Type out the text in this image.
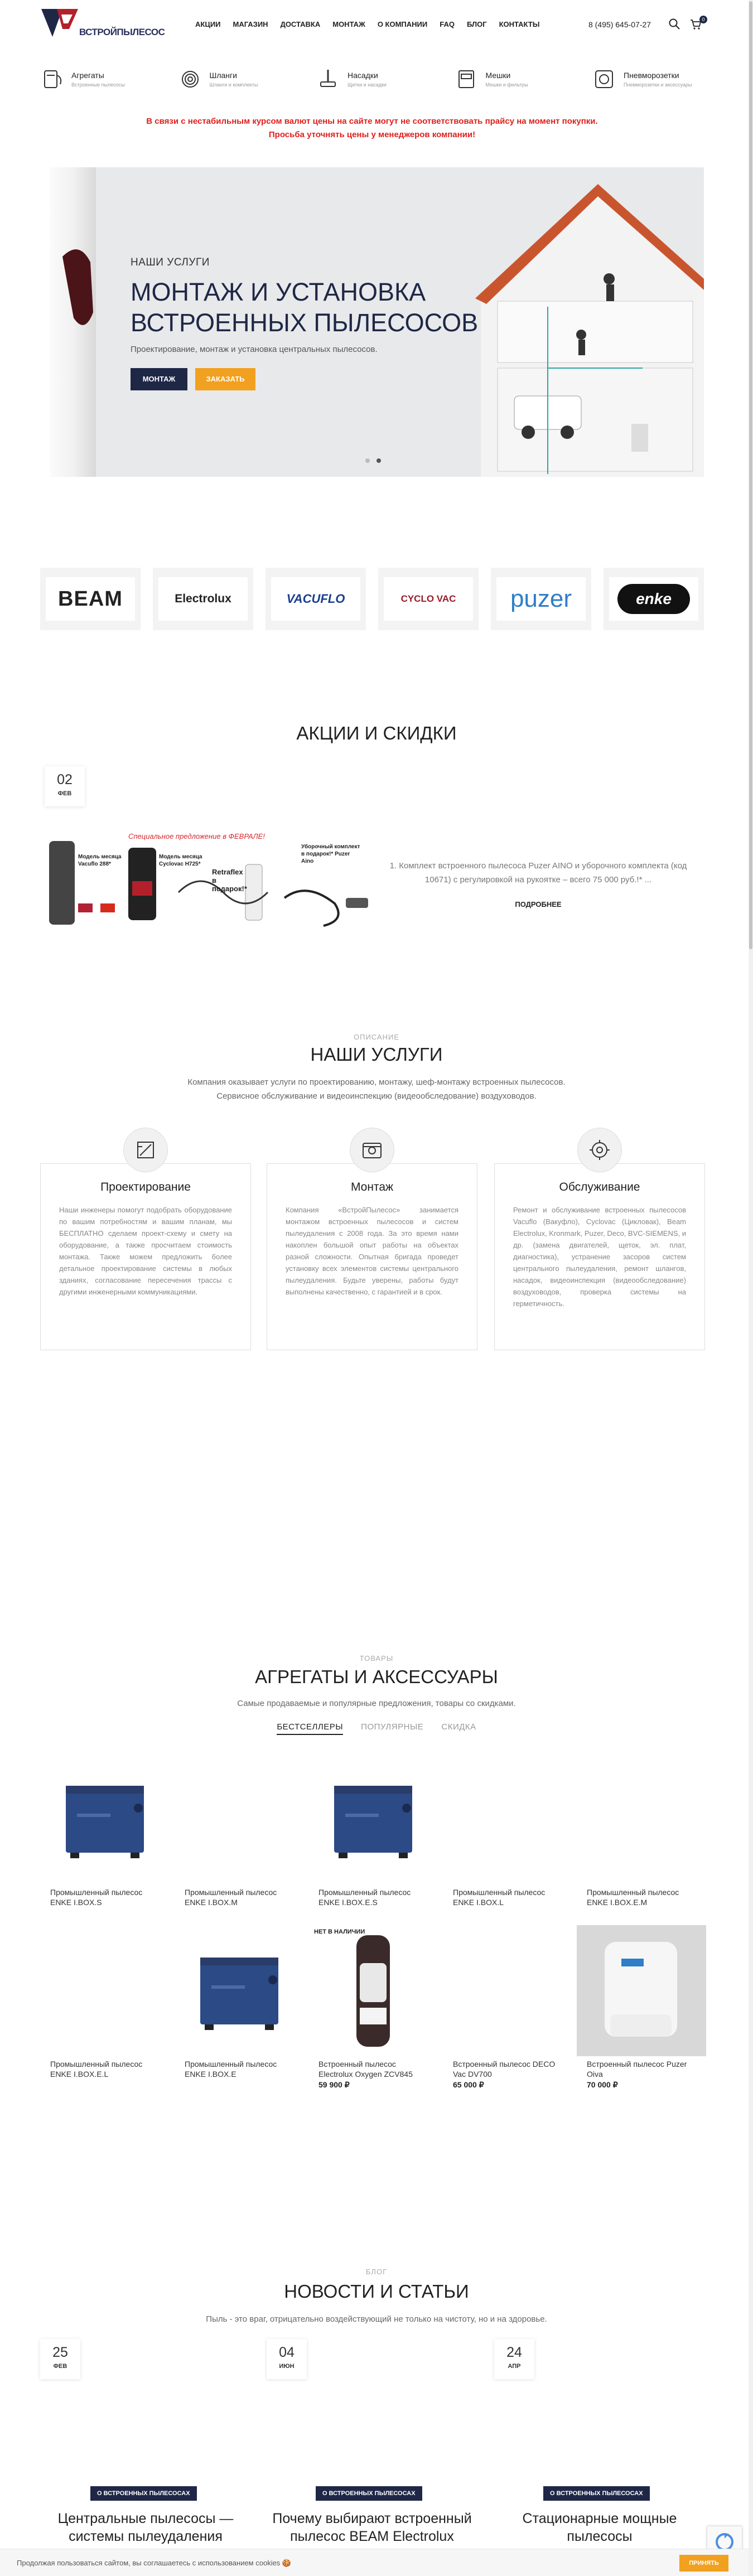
ВСТРОЙПЫЛЕСОС
АКЦИИ МАГАЗИН ДОСТАВКА МОНТАЖ О КОМПАНИИ FAQ БЛОГ КОНТАКТЫ	8 (495) 645-07-27
0
Агрегаты
Встроенные пылесосы
Шланги
Шланги и комплекты
Насадки
Щетки и насадки
Мешки
Мешки и фильтры
Пневморозетки
Пневморозетки и аксессуары
В связи с нестабильным курсом валют цены на сайте могут не соответствовать прайсу на момент покупки.
Просьба уточнять цены у менеджеров компании!
НАШИ УСЛУГИ
МОНТАЖ И УСТАНОВКА
ВСТРОЕННЫХ ПЫЛЕСОСОВ
Проектирование, монтаж и установка центральных пылесосов.
МОНТАЖ	ЗАКАЗАТЬ
BEAM	Electrolux	VACUFLO	CYCLO VAC puzer	enke
АКЦИИ И СКИДКИ
02
ФЕВ
Специальное предложение в ФЕВРАЛЕ!
Модель месяца Vacuflo 288*
Модель месяца Cyclovac H725*
Retraflex в подарок!*
Уборочный комплект в подарок!* Puzer Aino	1. Комплект встроенного пылесоса Puzer AINO и уборочного комплекта (код 10671) с регулировкой на рукоятке – всего 75 000 руб.!* ...
ПОДРОБНЕЕ
ОПИСАНИЕ
НАШИ УСЛУГИ
Компания оказывает услуги по проектированию, монтажу, шеф-монтажу встроенных пылесосов.
Сервисное обслуживание и видеоинспекцию (видеообследование) воздуховодов.
Проектирование
Наши инженеры помогут подобрать оборудование по вашим потребностям и вашим планам, мы БЕСПЛАТНО сделаем проект-схему и смету на оборудование, а также просчитаем стоимость монтажа. Также можем предложить более детальное проектирование системы в любых зданиях, согласование пересечения трассы с другими инженерными коммуникациями.
Монтаж
Компания «ВстройПылесос» занимается монтажом встроенных пылесосов и систем пылеудаления с 2008 года. За это время нами накоплен большой опыт работы на объектах разной сложности. Опытная бригада проведет установку всех элементов системы центрального пылеудаления. Будьте уверены, работы будут выполнены качественно, с гарантией и в срок.
Обслуживание
Ремонт и обслуживание встроенных пылесосов Vacuflo (Вакуфло), Cyclovac (Цикловак), Beam Electrolux, Kronmark, Puzer, Deco, BVC-SIEMENS, и др. (замена двигателей, щеток, эл. плат, диагностика), устранение засоров систем центрального пылеудаления, ремонт шлангов, насадок, видеоинспекция (видеообследование) воздуховодов, проверка системы на герметичность.
ТОВАРЫ
АГРЕГАТЫ И АКСЕССУАРЫ
Самые продаваемые и популярные предложения, товары со скидками.
БЕСТСЕЛЛЕРЫ ПОПУЛЯРНЫЕ СКИДКА
Промышленный пылесос ENKE I.BOX.S
Промышленный пылесос ENKE I.BOX.M
Промышленный пылесос ENKE I.BOX.E.S
Промышленный пылесос ENKE I.BOX.L
Промышленный пылесос ENKE I.BOX.E.M
Промышленный пылесос ENKE I.BOX.E.L
Промышленный пылесос ENKE I.BOX.E
НЕТ В НАЛИЧИИ
Встроенный пылесос Electrolux Oxygen ZCV845
59 900 ₽
Встроенный пылесос DECO Vac DV700
65 000 ₽
Встроенный пылесос Puzer Oiva
70 000 ₽
БЛОГ
НОВОСТИ И СТАТЬИ
Пыль - это враг, отрицательно воздействующий не только на чистоту, но и на здоровье.
25
ФЕВ
04
ИЮН
24
АПР
О ВСТРОЕННЫХ ПЫЛЕСОСАХ	О ВСТРОЕННЫХ ПЫЛЕСОСАХ	О ВСТРОЕННЫХ ПЫЛЕСОСАХ
Центральные пылесосы —
системы пылеудаления
Почему выбирают встроенный
пылесос BEAM Electrolux
Стационарные мощные
пылесосы
Продолжая пользоваться сайтом, вы соглашаетесь с использованием cookies 🍪	ПРИНЯТЬ
